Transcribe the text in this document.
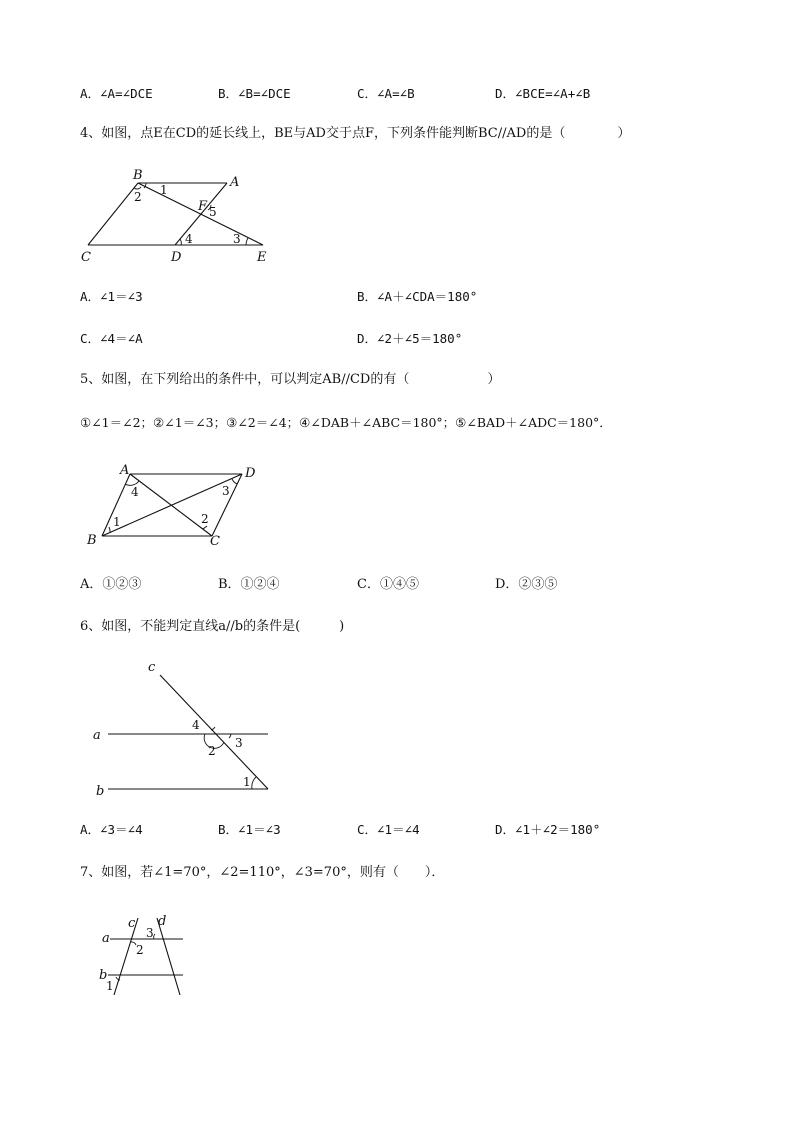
A．∠A=∠DCE	B．∠B=∠DCE	C．∠A=∠B	D．∠BCE=∠A+∠B
4、如图，点E在CD的延长线上，BE与AD交于点F，下列条件能判断BC//AD的是（　　　　）
B	A
C	D	E
F
1
2
3
4
5
A．∠1＝∠3	B．∠A＋∠CDA＝180°
C．∠4＝∠A	D．∠2＋∠5＝180°
5、如图，在下列给出的条件中，可以判定AB//CD的有（　　　　　　）
①∠1＝∠2；②∠1＝∠3；③∠2＝∠4；④∠DAB＋∠ABC＝180°；⑤∠BAD＋∠ADC＝180°．
A	D
B	C
1	2
3
4
A．①②③	B．①②④	C．①④⑤	D．②③⑤
6、如图，不能判定直线a//b的条件是(　　　)
c
a
b
4
3
2
1
A．∠3＝∠4	B．∠1＝∠3	C．∠1＝∠4	D．∠1＋∠2＝180°
7、如图，若∠1=70°，∠2=110°，∠3=70°，则有（　　）．
c d
a
b
3
2
1
